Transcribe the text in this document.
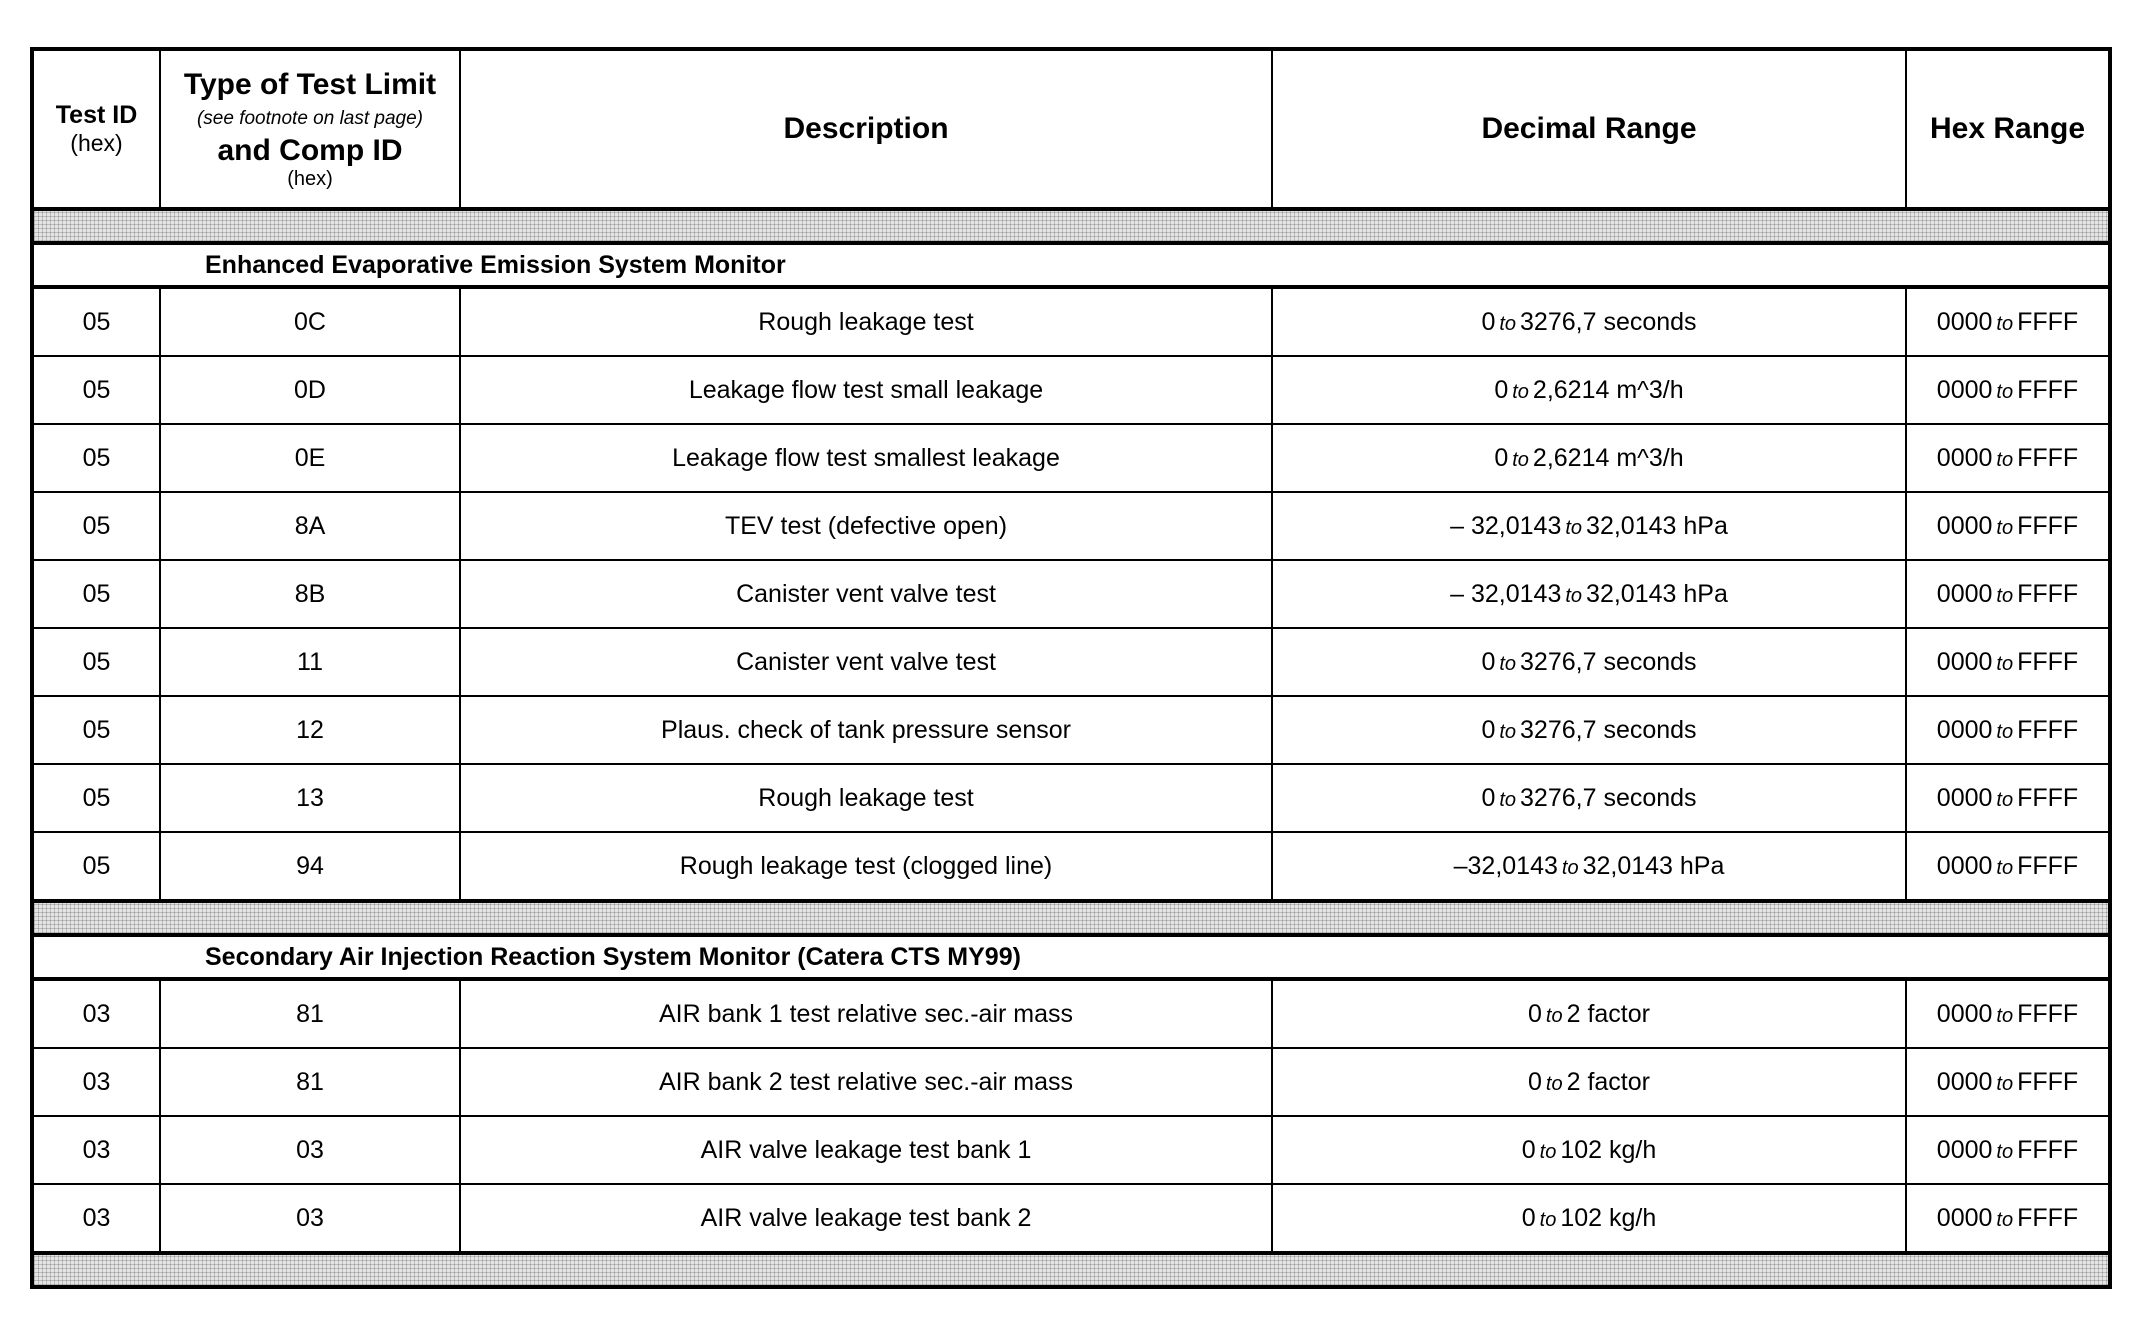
Test ID
(hex)	Type of Test Limit
(see footnote on last page)
and Comp ID
(hex)	Description	Decimal Range	Hex Range

Enhanced Evaporative Emission System Monitor				
05	0C	Rough leakage test	0 to 3276,7 seconds	0000 to FFFF
05	0D	Leakage flow test small leakage	0 to 2,6214 m^3/h	0000 to FFFF
05	0E	Leakage flow test smallest leakage	0 to 2,6214 m^3/h	0000 to FFFF
05	8A	TEV test (defective open)	– 32,0143 to 32,0143 hPa	0000 to FFFF
05	8B	Canister vent valve test	– 32,0143 to 32,0143 hPa	0000 to FFFF
05	11	Canister vent valve test	0 to 3276,7 seconds	0000 to FFFF
05	12	Plaus. check of tank pressure sensor	0 to 3276,7 seconds	0000 to FFFF
05	13	Rough leakage test	0 to 3276,7 seconds	0000 to FFFF
05	94	Rough leakage test (clogged line)	–32,0143 to 32,0143 hPa	0000 to FFFF

Secondary Air Injection Reaction System Monitor (Catera CTS MY99)				
03	81	AIR bank 1 test relative sec.-air mass	0 to 2 factor	0000 to FFFF
03	81	AIR bank 2 test relative sec.-air mass	0 to 2 factor	0000 to FFFF
03	03	AIR valve leakage test bank 1	0 to 102 kg/h	0000 to FFFF
03	03	AIR valve leakage test bank 2	0 to 102 kg/h	0000 to FFFF
